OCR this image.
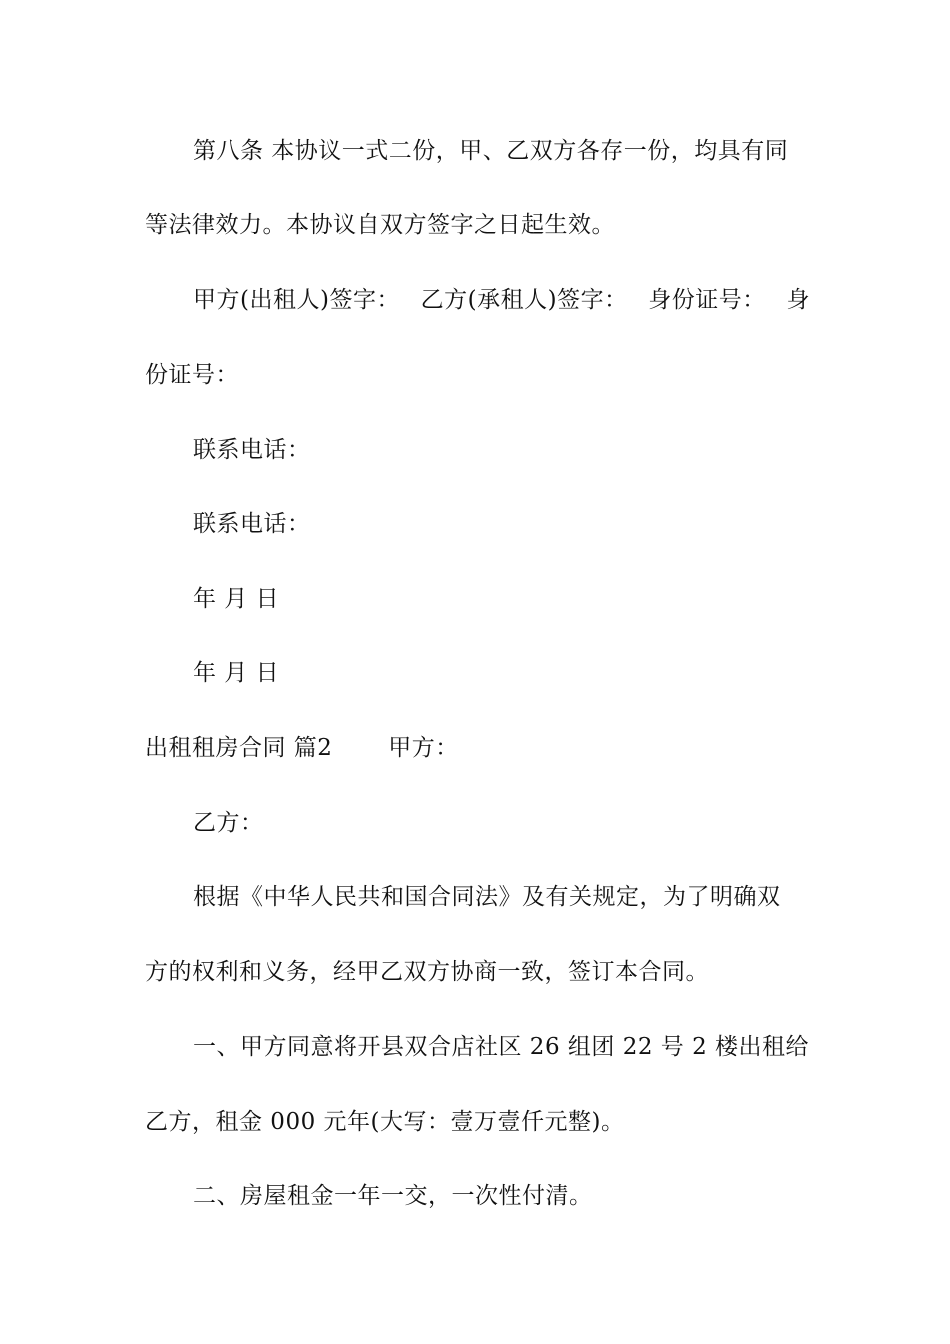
第八条 本协议一式二份，甲、乙双方各存一份，均具有同
等法律效力。本协议自双方签字之日起生效。
甲方(出租人)签字： 乙方(承租人)签字： 身份证号： 身
份证号：
联系电话：
联系电话：
年 月 日
年 月 日
出租租房合同 篇2 甲方：
乙方：
根据《中华人民共和国合同法》及有关规定，为了明确双
方的权利和义务，经甲乙双方协商一致，签订本合同。
一、甲方同意将开县双合店社区 26 组团 22 号 2 楼出租给
乙方，租金 000 元年(大写：壹万壹仟元整)。
二、房屋租金一年一交，一次性付清。
